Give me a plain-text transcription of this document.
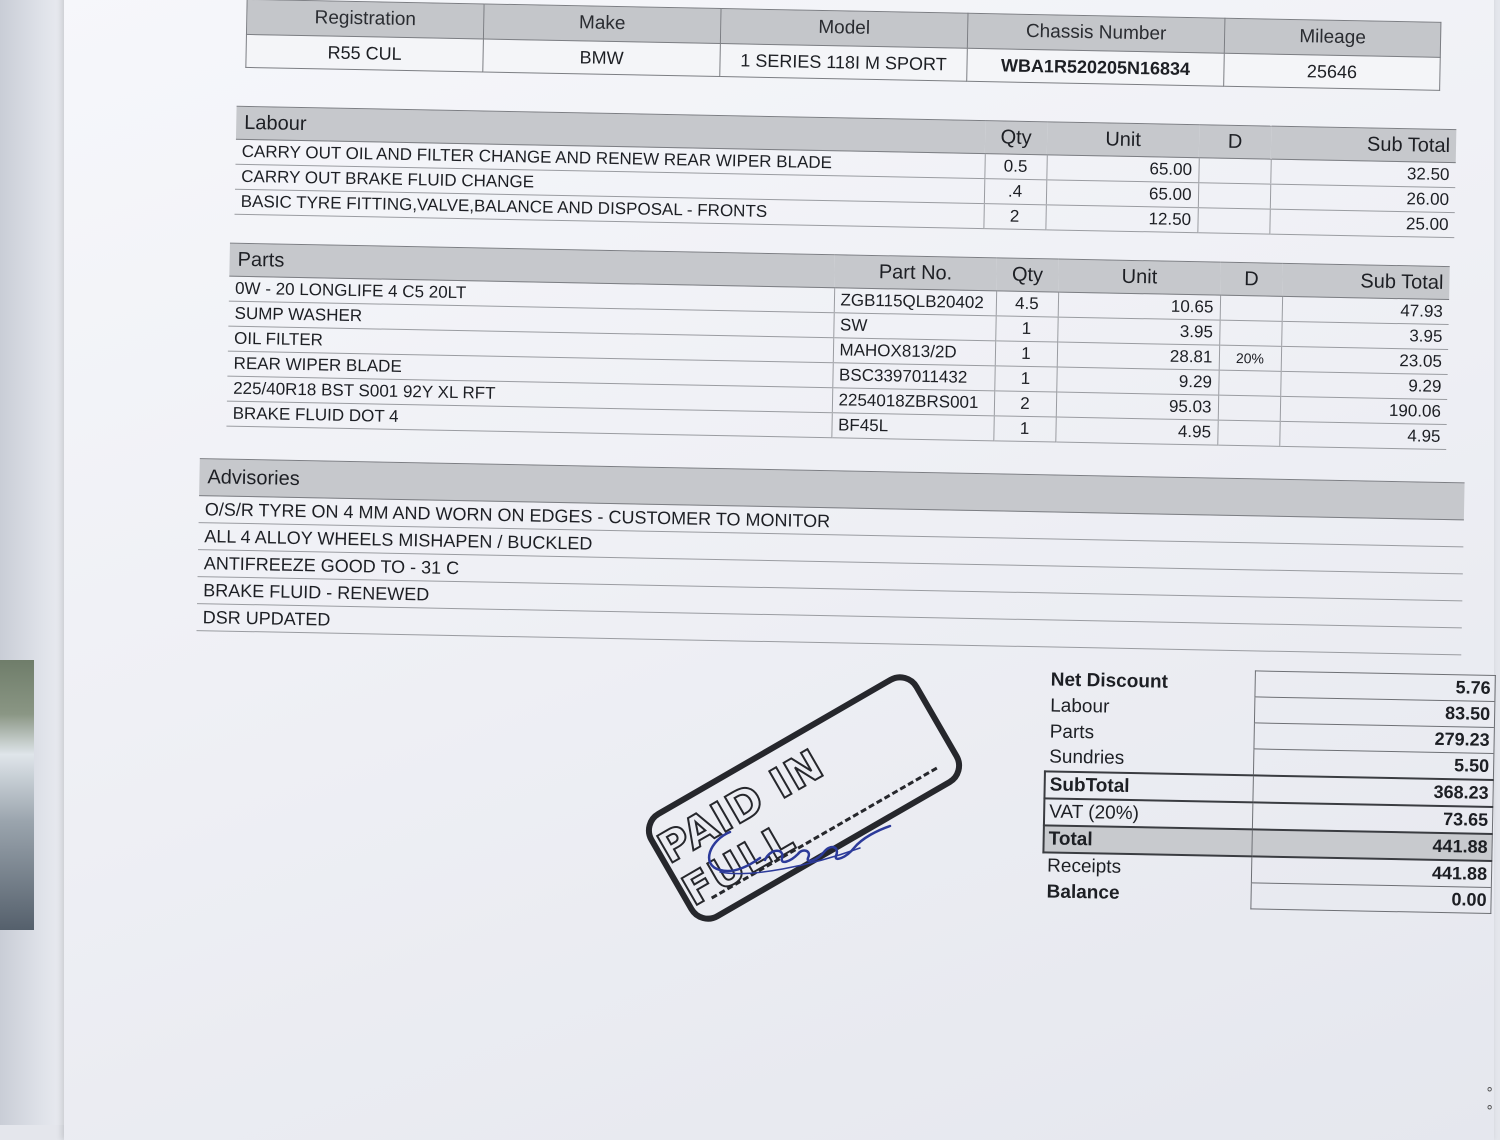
Registration	Make	Model	Chassis Number	Mileage
R55 CUL	BMW	1 SERIES 118I M SPORT	WBA1R520205N16834	25646
Labour	Qty	Unit	D	Sub Total
CARRY OUT OIL AND FILTER CHANGE AND RENEW REAR WIPER BLADE	0.5	65.00		32.50
CARRY OUT BRAKE FLUID CHANGE	.4	65.00		26.00
BASIC TYRE FITTING,VALVE,BALANCE AND DISPOSAL - FRONTS	2	12.50		25.00
Parts	Part No.	Qty	Unit	D	Sub Total
0W - 20 LONGLIFE 4 C5 20LT	ZGB115QLB20402	4.5	10.65		47.93
SUMP WASHER	SW	1	3.95		3.95
OIL FILTER	MAHOX813/2D	1	28.81	20%	23.05
REAR WIPER BLADE	BSC3397011432	1	9.29		9.29
225/40R18 BST S001 92Y XL RFT	2254018ZBRS001	2	95.03		190.06
BRAKE FLUID DOT 4	BF45L	1	4.95		4.95
Advisories
O/S/R TYRE ON 4 MM AND WORN ON EDGES - CUSTOMER TO MONITOR
ALL 4 ALLOY WHEELS MISHAPEN / BUCKLED
ANTIFREEZE GOOD TO - 31 C
BRAKE FLUID - RENEWED
DSR UPDATED
Net Discount	5.76
Labour	83.50
Parts	279.23
Sundries	5.50
SubTotal	368.23
VAT (20%)	73.65
Total	441.88
Receipts	441.88
Balance	0.00
PAID IN FULL
∘
∘
